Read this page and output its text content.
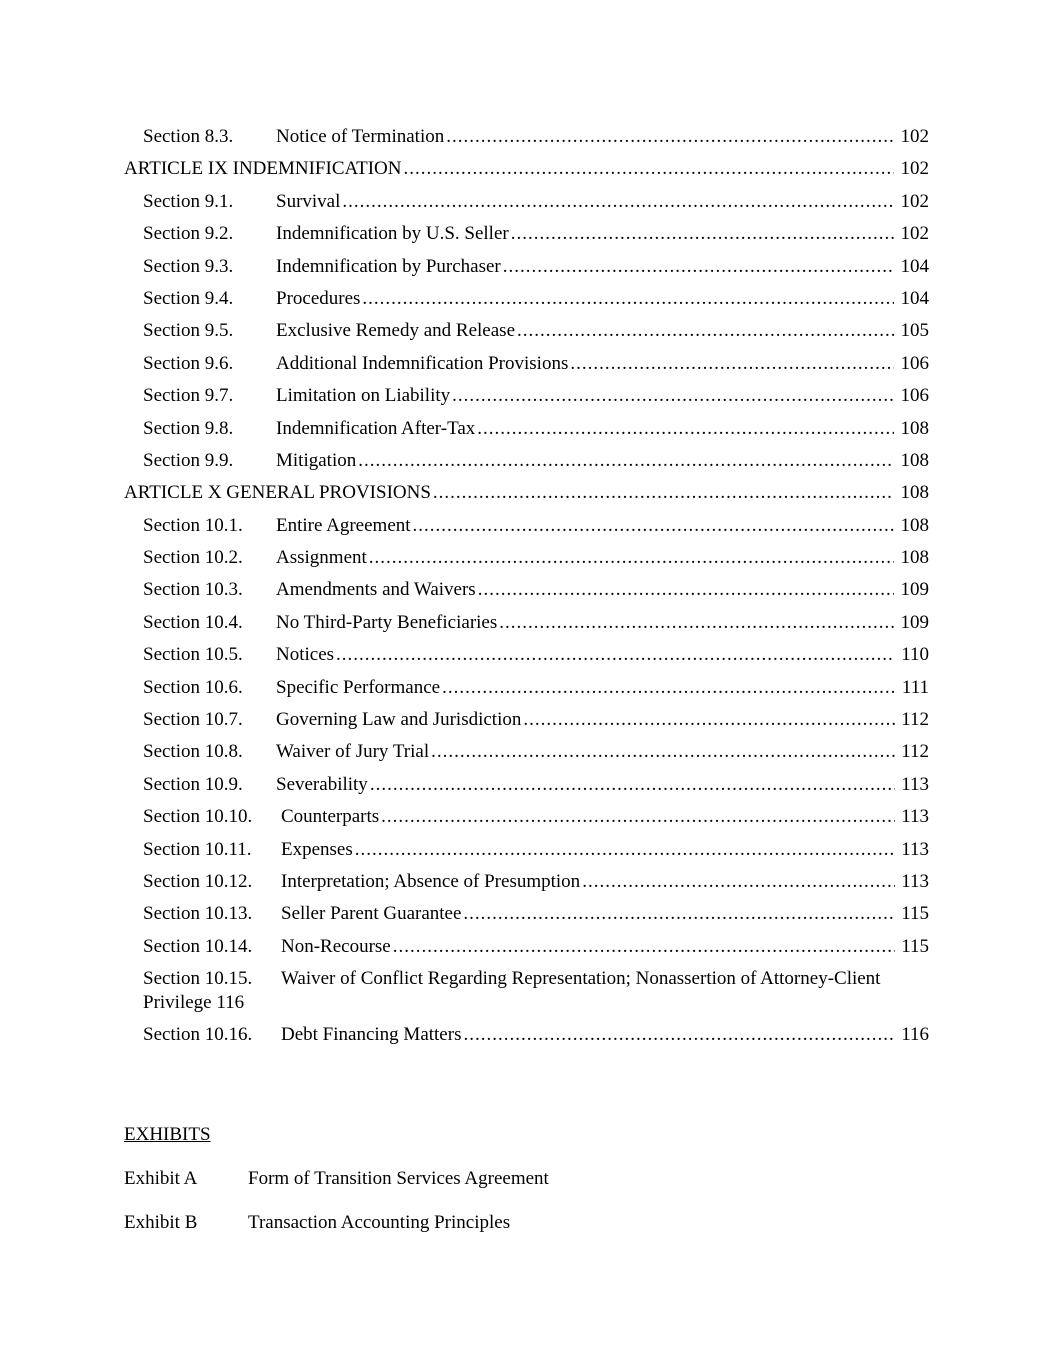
Section 8.3.	Notice of Termination .....	102
ARTICLE IX INDEMNIFICATION .....	102
Section 9.1.	Survival .....	102
Section 9.2.	Indemnification by U.S. Seller .....	102
Section 9.3.	Indemnification by Purchaser .....	104
Section 9.4.	Procedures .....	104
Section 9.5.	Exclusive Remedy and Release .....	105
Section 9.6.	Additional Indemnification Provisions .....	106
Section 9.7.	Limitation on Liability .....	106
Section 9.8.	Indemnification After-Tax .....	108
Section 9.9.	Mitigation .....	108
ARTICLE X GENERAL PROVISIONS .....	108
Section 10.1.	Entire Agreement .....	108
Section 10.2.	Assignment .....	108
Section 10.3.	Amendments and Waivers .....	109
Section 10.4.	No Third-Party Beneficiaries .....	109
Section 10.5.	Notices .....	110
Section 10.6.	Specific Performance .....	111
Section 10.7.	Governing Law and Jurisdiction .....	112
Section 10.8.	Waiver of Jury Trial .....	112
Section 10.9.	Severability .....	113
Section 10.10.	Counterparts .....	113
Section 10.11.	Expenses .....	113
Section 10.12.	Interpretation; Absence of Presumption .....	113
Section 10.13.	Seller Parent Guarantee .....	115
Section 10.14.	Non-Recourse .....	115
Section 10.15. Waiver of Conflict Regarding Representation; Nonassertion of Attorney-Client Privilege 116
Section 10.16.	Debt Financing Matters .....	116
EXHIBITS
Exhibit A	Form of Transition Services Agreement
Exhibit B	Transaction Accounting Principles
